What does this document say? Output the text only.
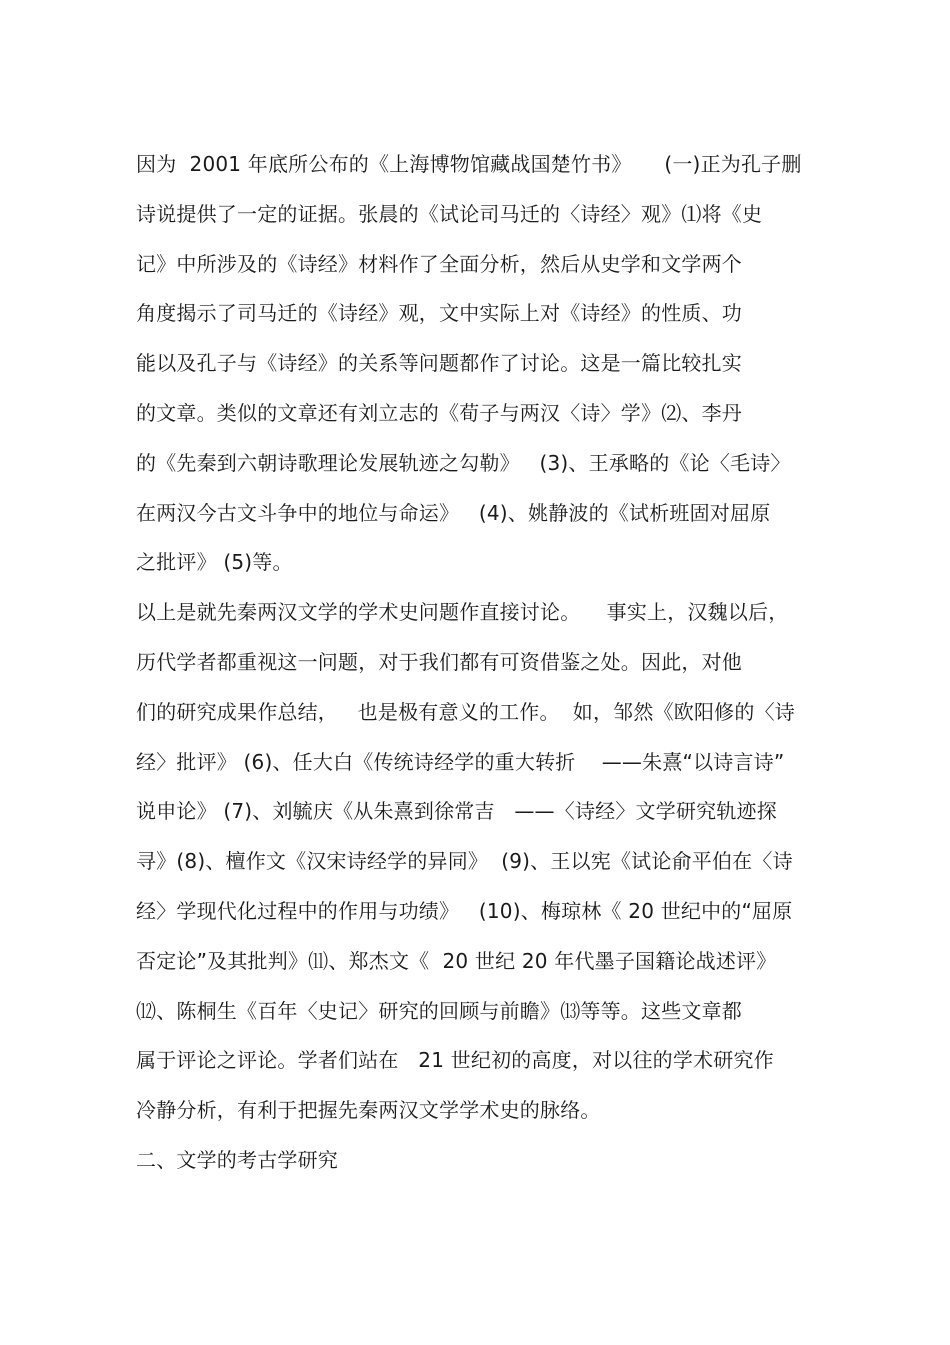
因为  2001 年底所公布的《上海博物馆藏战国楚竹书》     (一)正为孔子删
诗说提供了一定的证据。张晨的《试论司马迁的〈诗经〉观》⑴将《史
记》中所涉及的《诗经》材料作了全面分析，然后从史学和文学两个
角度揭示了司马迁的《诗经》观，文中实际上对《诗经》的性质、功
能以及孔子与《诗经》的关系等问题都作了讨论。这是一篇比较扎实
的文章。类似的文章还有刘立志的《荀子与两汉〈诗〉学》⑵、李丹
的《先秦到六朝诗歌理论发展轨迹之勾勒》   (3)、王承略的《论〈毛诗〉
在两汉今古文斗争中的地位与命运》   (4)、姚静波的《试析班固对屈原
之批评》 (5)等。
以上是就先秦两汉文学的学术史问题作直接讨论。    事实上，汉魏以后，
历代学者都重视这一问题，对于我们都有可资借鉴之处。因此，对他
们的研究成果作总结，   也是极有意义的工作。  如，邹然《欧阳修的〈诗
经〉批评》 (6)、任大白《传统诗经学的重大转折    ——朱熹“以诗言诗”
说申论》 (7)、刘毓庆《从朱熹到徐常吉   ——〈诗经〉文学研究轨迹探
寻》(8)、檀作文《汉宋诗经学的异同》  (9)、王以宪《试论俞平伯在〈诗
经〉学现代化过程中的作用与功绩》   (10)、梅琼林《 20 世纪中的“屈原
否定论”及其批判》⑾、郑杰文《  20 世纪 20 年代墨子国籍论战述评》
⑿、陈桐生《百年〈史记〉研究的回顾与前瞻》⒀等等。这些文章都
属于评论之评论。学者们站在   21 世纪初的高度，对以往的学术研究作
冷静分析，有利于把握先秦两汉文学学术史的脉络。
二、文学的考古学研究
